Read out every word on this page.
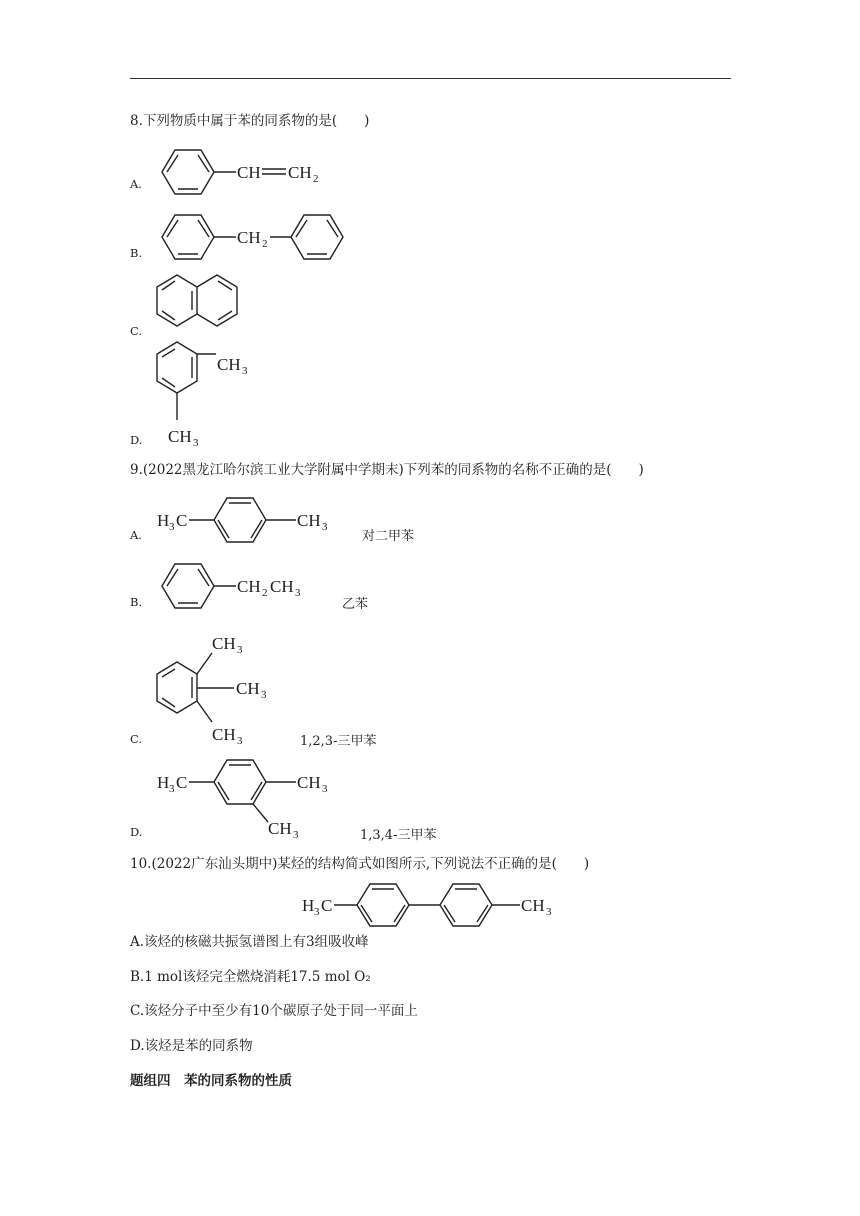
8.下列物质中属于苯的同系物的是(　　)
A.
CH CH 2
CH 2
CH 3
CH 3
H 3 C	CH 3
CH 2 CH 3
CH 3
CH 3
CH 3
H 3 C	CH 3
CH 3
H 3 C	CH 3
B.
C.
D.
9.(2022黑龙江哈尔滨工业大学附属中学期末)下列苯的同系物的名称不正确的是(　　)
A.	对二甲苯
B.	乙苯
C.	1,2,3-三甲苯
D.	1,3,4-三甲苯
10.(2022广东汕头期中)某烃的结构简式如图所示,下列说法不正确的是(　　)
A.该烃的核磁共振氢谱图上有3组吸收峰
B.1 mol该烃完全燃烧消耗17.5 mol O₂
C.该烃分子中至少有10个碳原子处于同一平面上
D.该烃是苯的同系物
题组四　苯的同系物的性质
